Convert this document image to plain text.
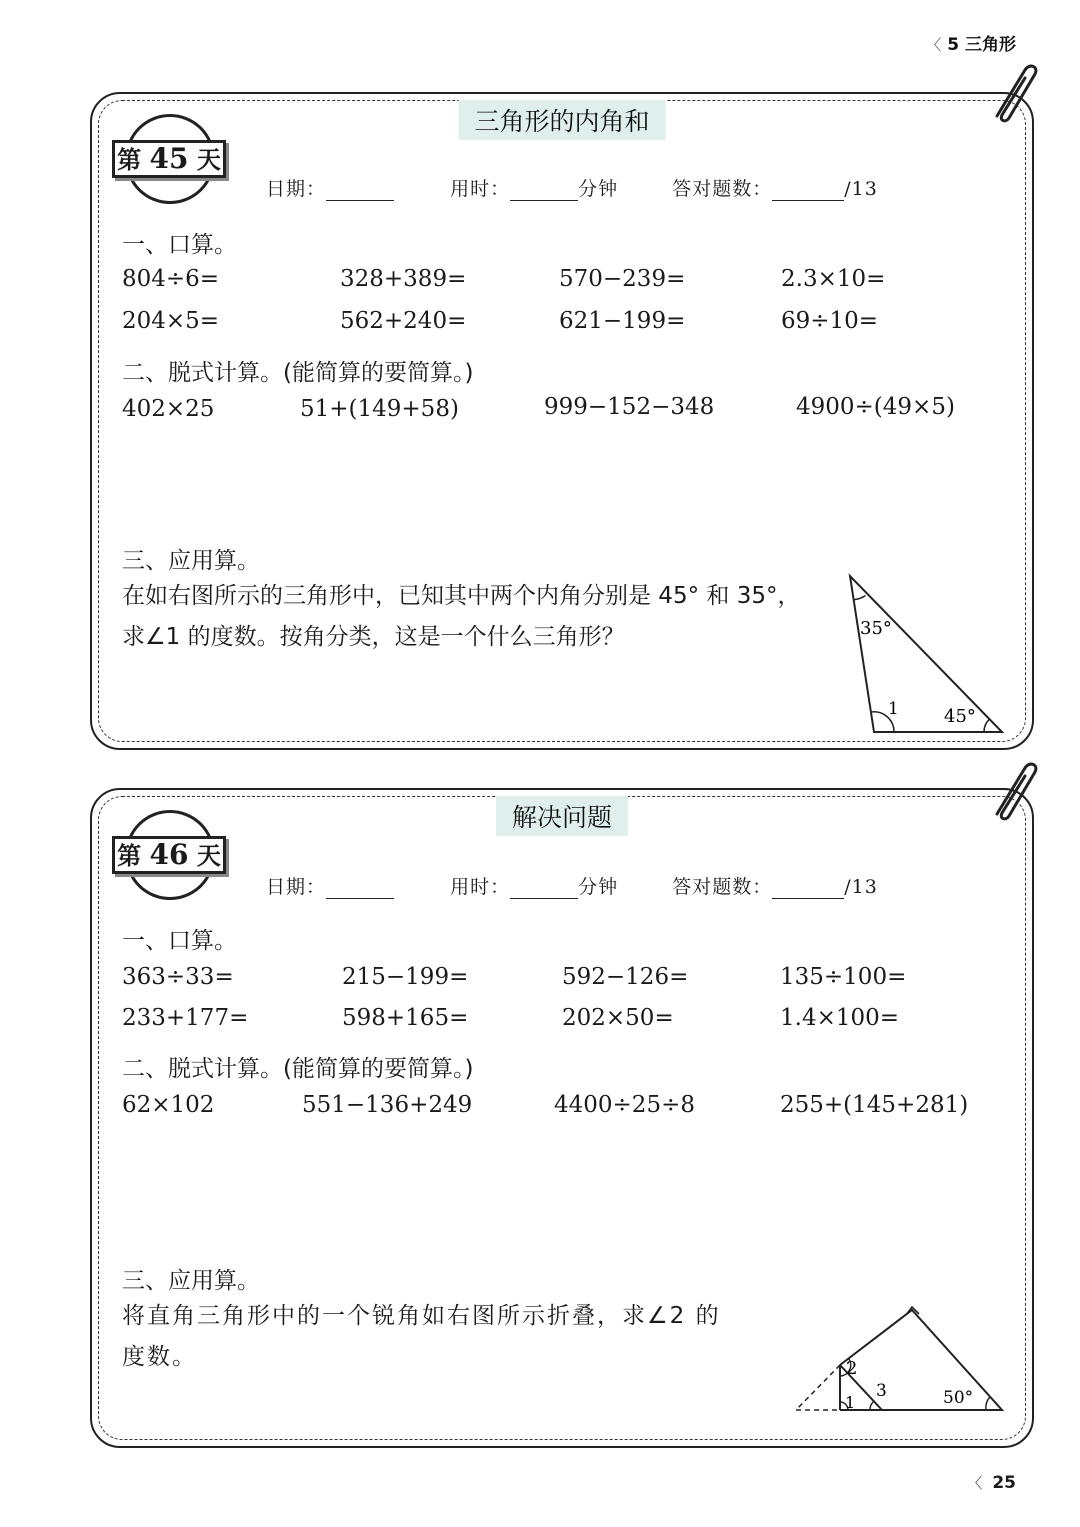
〈 5 三角形
三角形的内角和
第 45 天
日期：	用时：	分钟	答对题数：	/13
一、口算。
804÷6=	328+389=	570−239=	2.3×10=
204×5=	562+240=	621−199=	69÷10=
二、脱式计算。(能简算的要简算。)
402×25	51+(149+58)	999−152−348	4900÷(49×5)
三、应用算。
在如右图所示的三角形中，已知其中两个内角分别是 45° 和 35°，
求∠1 的度数。按角分类，这是一个什么三角形？	35°
1	45°
解决问题
第 46 天
日期：	用时：	分钟	答对题数：	/13
一、口算。
363÷33=	215−199=	592−126=	135÷100=
233+177=	598+165=	202×50=	1.4×100=
二、脱式计算。(能简算的要简算。)
62×102	551−136+249	4400÷25÷8	255+(145+281)
三、应用算。
将直角三角形中的一个锐角如右图所示折叠，求∠2 的
度数。	2
1
3	50°
〈 25
